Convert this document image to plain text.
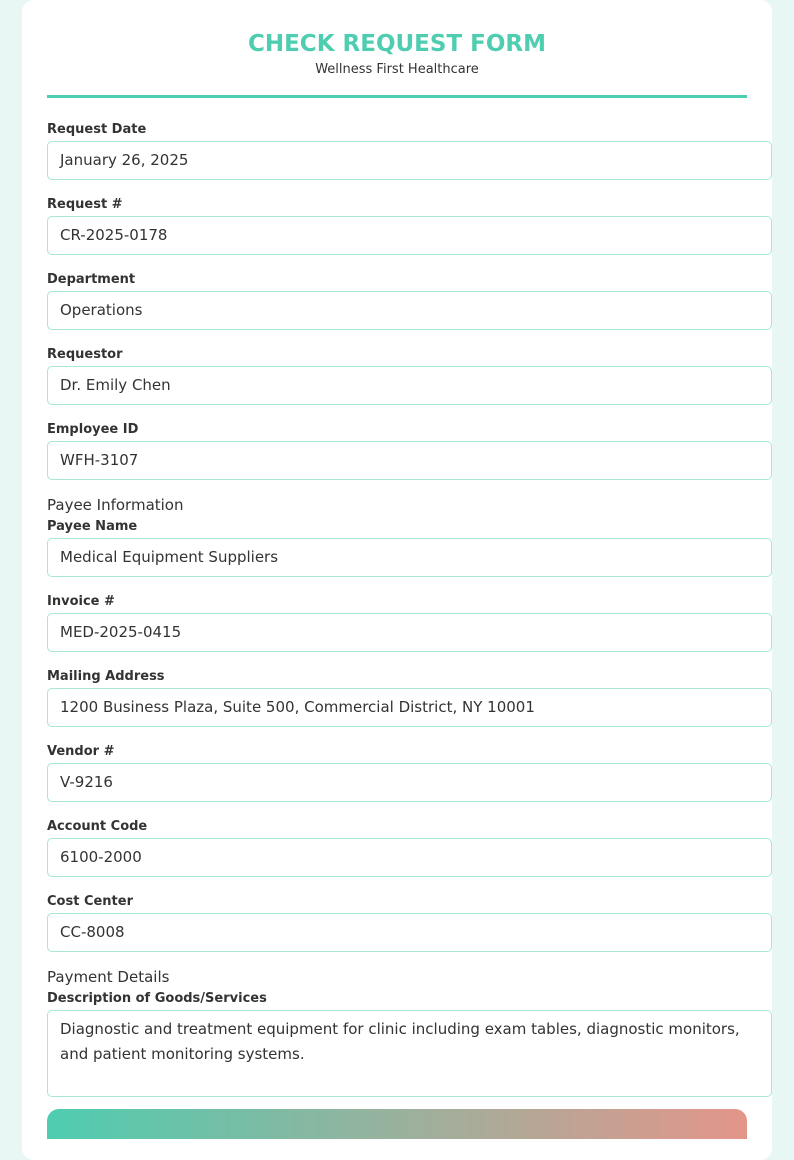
CHECK REQUEST FORM
Wellness First Healthcare
Request Date
January 26, 2025
Request #
CR-2025-0178
Department
Operations
Requestor
Dr. Emily Chen
Employee ID
WFH-3107
Payee Information
Payee Name
Medical Equipment Suppliers
Invoice #
MED-2025-0415
Mailing Address
1200 Business Plaza, Suite 500, Commercial District, NY 10001
Vendor #
V-9216
Account Code
6100-2000
Cost Center
CC-8008
Payment Details
Description of Goods/Services
Diagnostic and treatment equipment for clinic including exam tables, diagnostic monitors, and patient monitoring systems.
